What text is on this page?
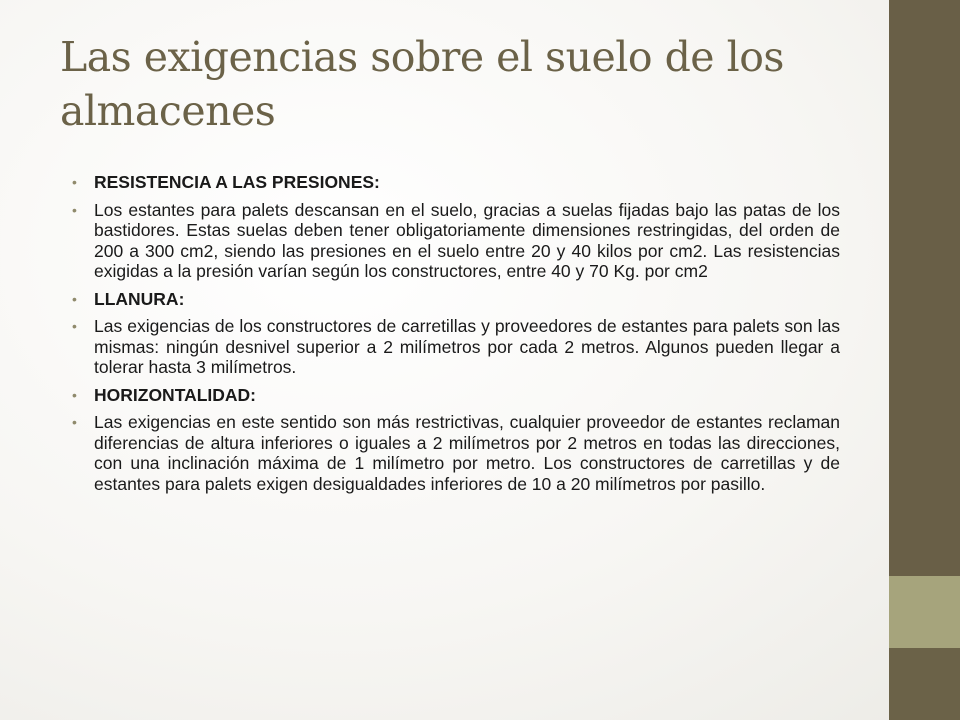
Las exigencias sobre el suelo de los almacenes
• RESISTENCIA A LAS PRESIONES:
• Los estantes para palets descansan en el suelo, gracias a suelas fijadas bajo las patas de los bastidores. Estas suelas deben tener obligatoriamente dimensiones restringidas, del orden de 200 a 300 cm2, siendo las presiones en el suelo entre 20 y 40 kilos por cm2. Las resistencias exigidas a la presión varían según los constructores, entre 40 y 70 Kg. por cm2
• LLANURA:
• Las exigencias de los constructores de carretillas y proveedores de estantes para palets son las mismas: ningún desnivel superior a 2 milímetros por cada 2 metros. Algunos pueden llegar a tolerar hasta 3 milímetros.
• HORIZONTALIDAD:
• Las exigencias en este sentido son más restrictivas, cualquier proveedor de estantes reclaman diferencias de altura inferiores o iguales a 2 milímetros por 2 metros en todas las direcciones, con una inclinación máxima de 1 milímetro por metro. Los constructores de carretillas y de estantes para palets exigen desigualdades inferiores de 10 a 20 milímetros por pasillo.
